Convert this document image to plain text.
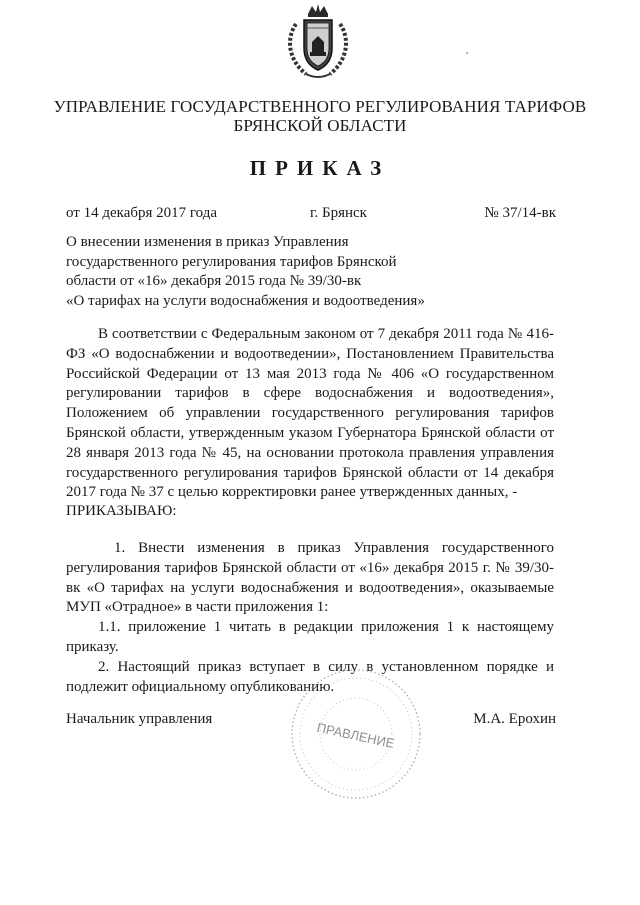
УПРАВЛЕНИЕ ГОСУДАРСТВЕННОГО РЕГУЛИРОВАНИЯ ТАРИФОВ
БРЯНСКОЙ ОБЛАСТИ
ПРИКАЗ
от 14 декабря 2017 года	г. Брянск	№ 37/14-вк
О внесении изменения в приказ Управления
государственного регулирования тарифов Брянской
области от «16» декабря 2015 года № 39/30-вк
«О тарифах на услуги водоснабжения и водоотведения»

В соответствии с Федеральным законом от 7 декабря 2011 года № 416-ФЗ «О водоснабжении и водоотведении», Постановлением Правительства Российской Федерации от 13 мая 2013 года № 406 «О государственном регулировании тарифов в сфере водоснабжения и водоотведения», Положением об управлении государственного регулирования тарифов Брянской области, утвержденным указом Губернатора Брянской области от 28 января 2013 года № 45, на основании протокола правления управления государственного регулирования тарифов Брянской области от 14 декабря 2017 года № 37 с целью корректировки ранее утвержденных данных, -

ПРИКАЗЫВАЮ:

1. Внести изменения в приказ Управления государственного регулирования тарифов Брянской области от «16» декабря 2015 г. № 39/30-вк «О тарифах на услуги водоснабжения и водоотведения», оказываемые МУП «Отрадное» в части приложения 1:

1.1. приложение 1 читать в редакции приложения 1 к настоящему приказу.

2. Настоящий приказ вступает в силу в установленном порядке и подлежит официальному опубликованию.

ПРАВЛЕНИЕ
Начальник управления	М.А. Ерохин
